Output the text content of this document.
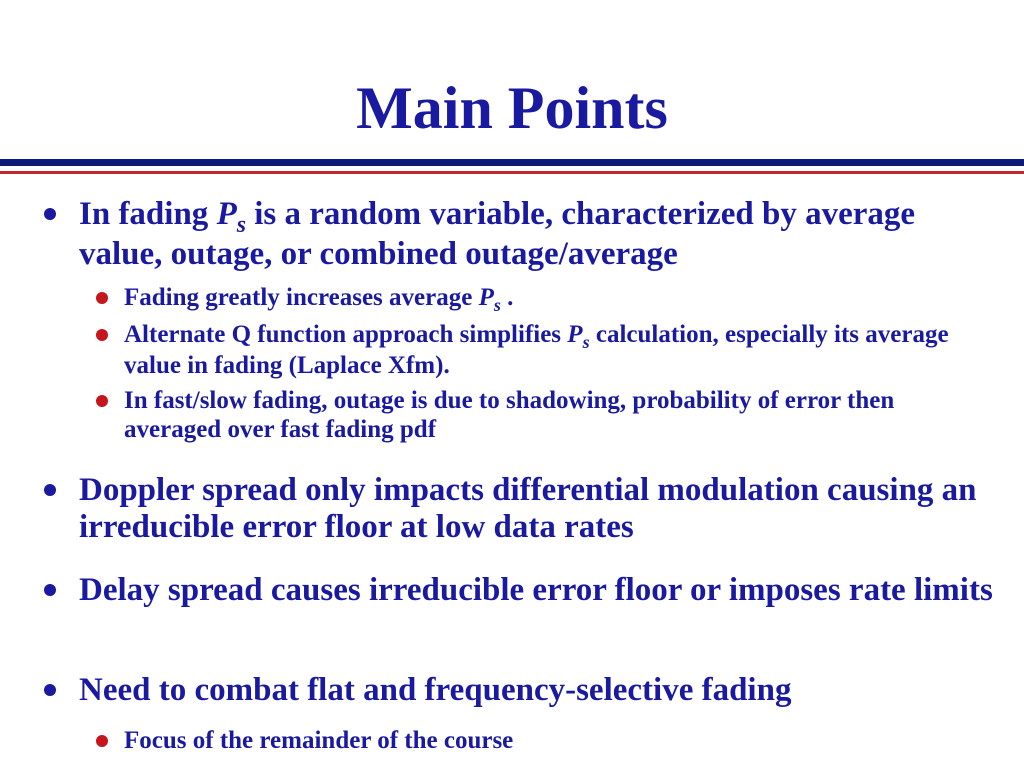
Main Points
In fading $P_s$ is a random variable, characterized by average value, outage, or combined outage/average
Fading greatly increases average $P_s$ .
Alternate Q function approach simplifies $P_s$ calculation, especially its average value in fading (Laplace Xfm).
In fast/slow fading, outage is due to shadowing, probability of error then averaged over fast fading pdf
Doppler spread only impacts differential modulation causing an irreducible error floor at low data rates
Delay spread causes irreducible error floor or imposes rate limits
Need to combat flat and frequency-selective fading
Focus of the remainder of the course
